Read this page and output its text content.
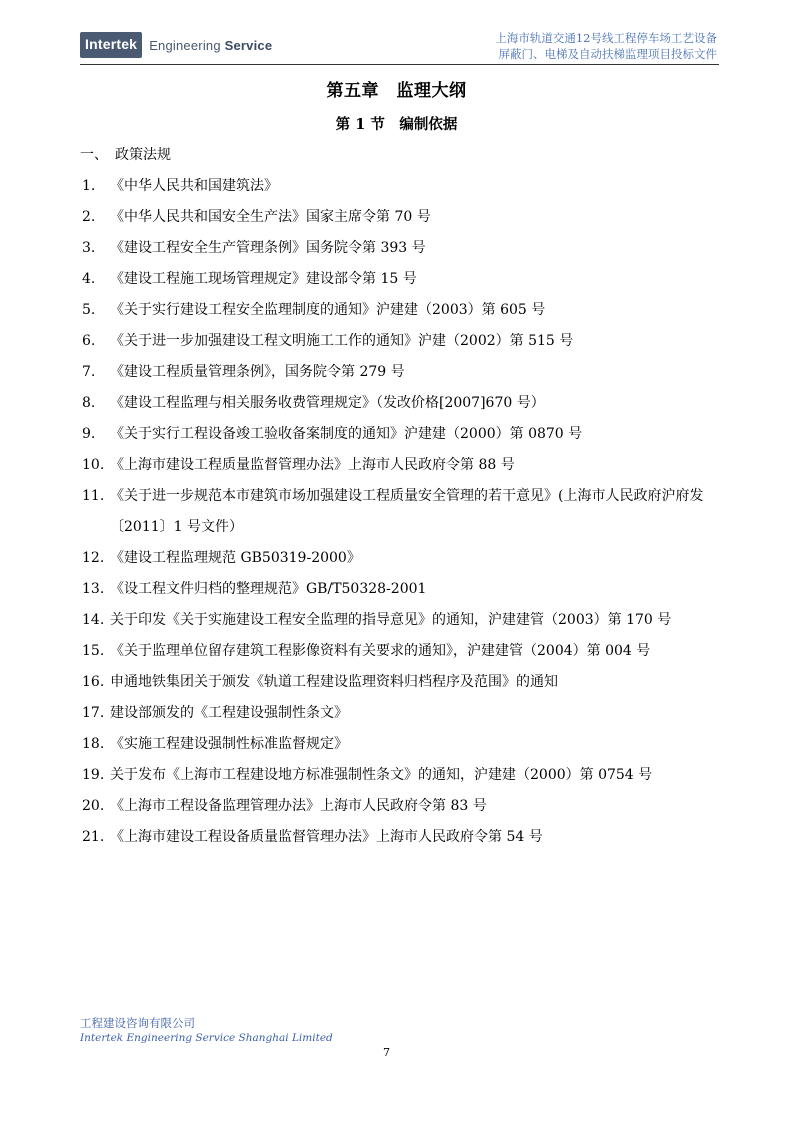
Intertek Engineering Service	上海市轨道交通12号线工程停车场工艺设备
屏蔽门、电梯及自动扶梯监理项目投标文件
第五章　监理大纲
第 1 节　编制依据
一、　政策法规
1.	《中华人民共和国建筑法》
2.	《中华人民共和国安全生产法》国家主席令第 70 号
3.	《建设工程安全生产管理条例》国务院令第 393 号
4.	《建设工程施工现场管理规定》建设部令第 15 号
5.	《关于实行建设工程安全监理制度的通知》沪建建（2003）第 605 号
6.	《关于进一步加强建设工程文明施工工作的通知》沪建（2002）第 515 号
7.	《建设工程质量管理条例》，国务院令第 279 号
8.	《建设工程监理与相关服务收费管理规定》（发改价格[2007]670 号）
9.	《关于实行工程设备竣工验收备案制度的通知》沪建建（2000）第 0870 号
10. 《上海市建设工程质量监督管理办法》上海市人民政府令第 88 号
11. 《关于进一步规范本市建筑市场加强建设工程质量安全管理的若干意见》(上海市人民政府沪府发〔2011〕1 号文件）
12. 《建设工程监理规范 GB50319-2000》
13. 《设工程文件归档的整理规范》GB/T50328-2001
14. 关于印发《关于实施建设工程安全监理的指导意见》的通知，沪建建管（2003）第 170 号
15. 《关于监理单位留存建筑工程影像资料有关要求的通知》，沪建建管（2004）第 004 号
16. 申通地铁集团关于颁发《轨道工程建设监理资料归档程序及范围》的通知
17. 建设部颁发的《工程建设强制性条文》
18. 《实施工程建设强制性标准监督规定》
19. 关于发布《上海市工程建设地方标准强制性条文》的通知，沪建建（2000）第 0754 号
20. 《上海市工程设备监理管理办法》上海市人民政府令第 83 号
21. 《上海市建设工程设备质量监督管理办法》上海市人民政府令第 54 号
工程建设咨询有限公司
Intertek Engineering Service Shanghai Limited
7
